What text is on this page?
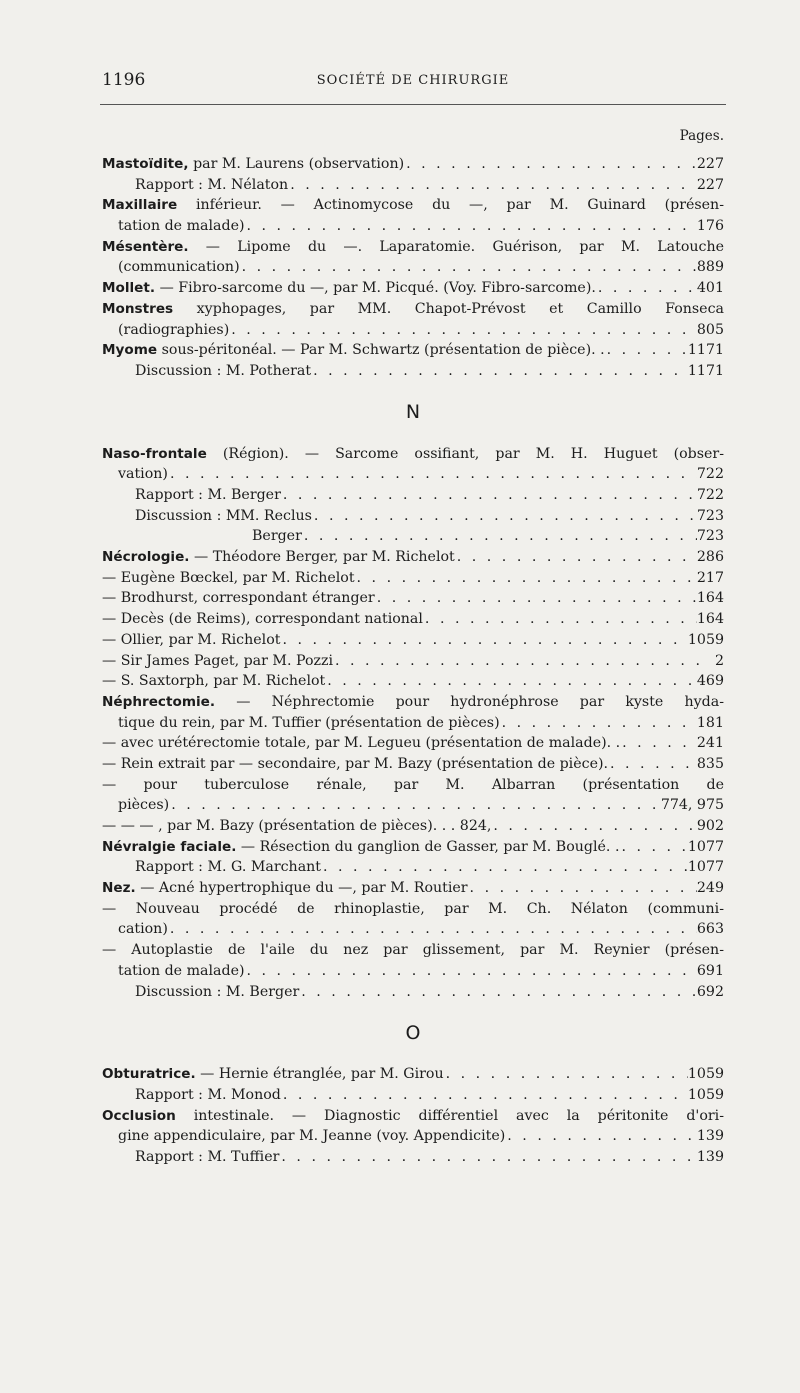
1196	SOCIÉTÉ DE CHIRURGIE
Pages.
Mastoïdite, par M. Laurens (observation) . . .	227
Rapport : M. Nélaton . . .	227
Maxillaire inférieur. — Actinomycose du —, par M. Guinard (présen-
tation de malade) . . .	176
Mésentère. — Lipome du —. Laparatomie. Guérison, par M. Latouche
(communication) . . .	889
Mollet. — Fibro-sarcome du —, par M. Picqué. (Voy. Fibro-sarcome). . . .	401
Monstres xyphopages, par MM. Chapot-Prévost et Camillo Fonseca
(radiographies) . . .	805
Myome sous-péritonéal. — Par M. Schwartz (présentation de pièce). . . . .	1171
Discussion : M. Potherat . . .	1171
N
Naso-frontale (Région). — Sarcome ossifiant, par M. H. Huguet (obser-
vation) . . .	722
Rapport : M. Berger . . .	722
Discussion : MM. Reclus . . .	723
Berger . . .	723
Nécrologie. — Théodore Berger, par M. Richelot . . .	286
— Eugène Bœckel, par M. Richelot . . .	217
— Brodhurst, correspondant étranger . . .	164
— Decès (de Reims), correspondant national . . .	164
— Ollier, par M. Richelot . . .	1059
— Sir James Paget, par M. Pozzi . . .	2
— S. Saxtorph, par M. Richelot . . .	469
Néphrectomie. — Néphrectomie pour hydronéphrose par kyste hyda-
tique du rein, par M. Tuffier (présentation de pièces) . . .	181
— avec urétérectomie totale, par M. Legueu (présentation de malade). . . . .	241
— Rein extrait par — secondaire, par M. Bazy (présentation de pièce). . . .	835
— pour tuberculose rénale, par M. Albarran (présentation de
pièces) . . .	774, 975
— — — , par M. Bazy (présentation de pièces). . . 824, . . .	902
Névralgie faciale. — Résection du ganglion de Gasser, par M. Bouglé. . . . .	1077
Rapport : M. G. Marchant . . .	1077
Nez. — Acné hypertrophique du —, par M. Routier . . .	249
— Nouveau procédé de rhinoplastie, par M. Ch. Nélaton (communi-
cation) . . .	663
— Autoplastie de l'aile du nez par glissement, par M. Reynier (présen-
tation de malade) . . .	691
Discussion : M. Berger . . .	692
O
Obturatrice. — Hernie étranglée, par M. Girou . . .	1059
Rapport : M. Monod . . .	1059
Occlusion intestinale. — Diagnostic différentiel avec la péritonite d'ori-
gine appendiculaire, par M. Jeanne (voy. Appendicite) . . .	139
Rapport : M. Tuffier . . .	139
